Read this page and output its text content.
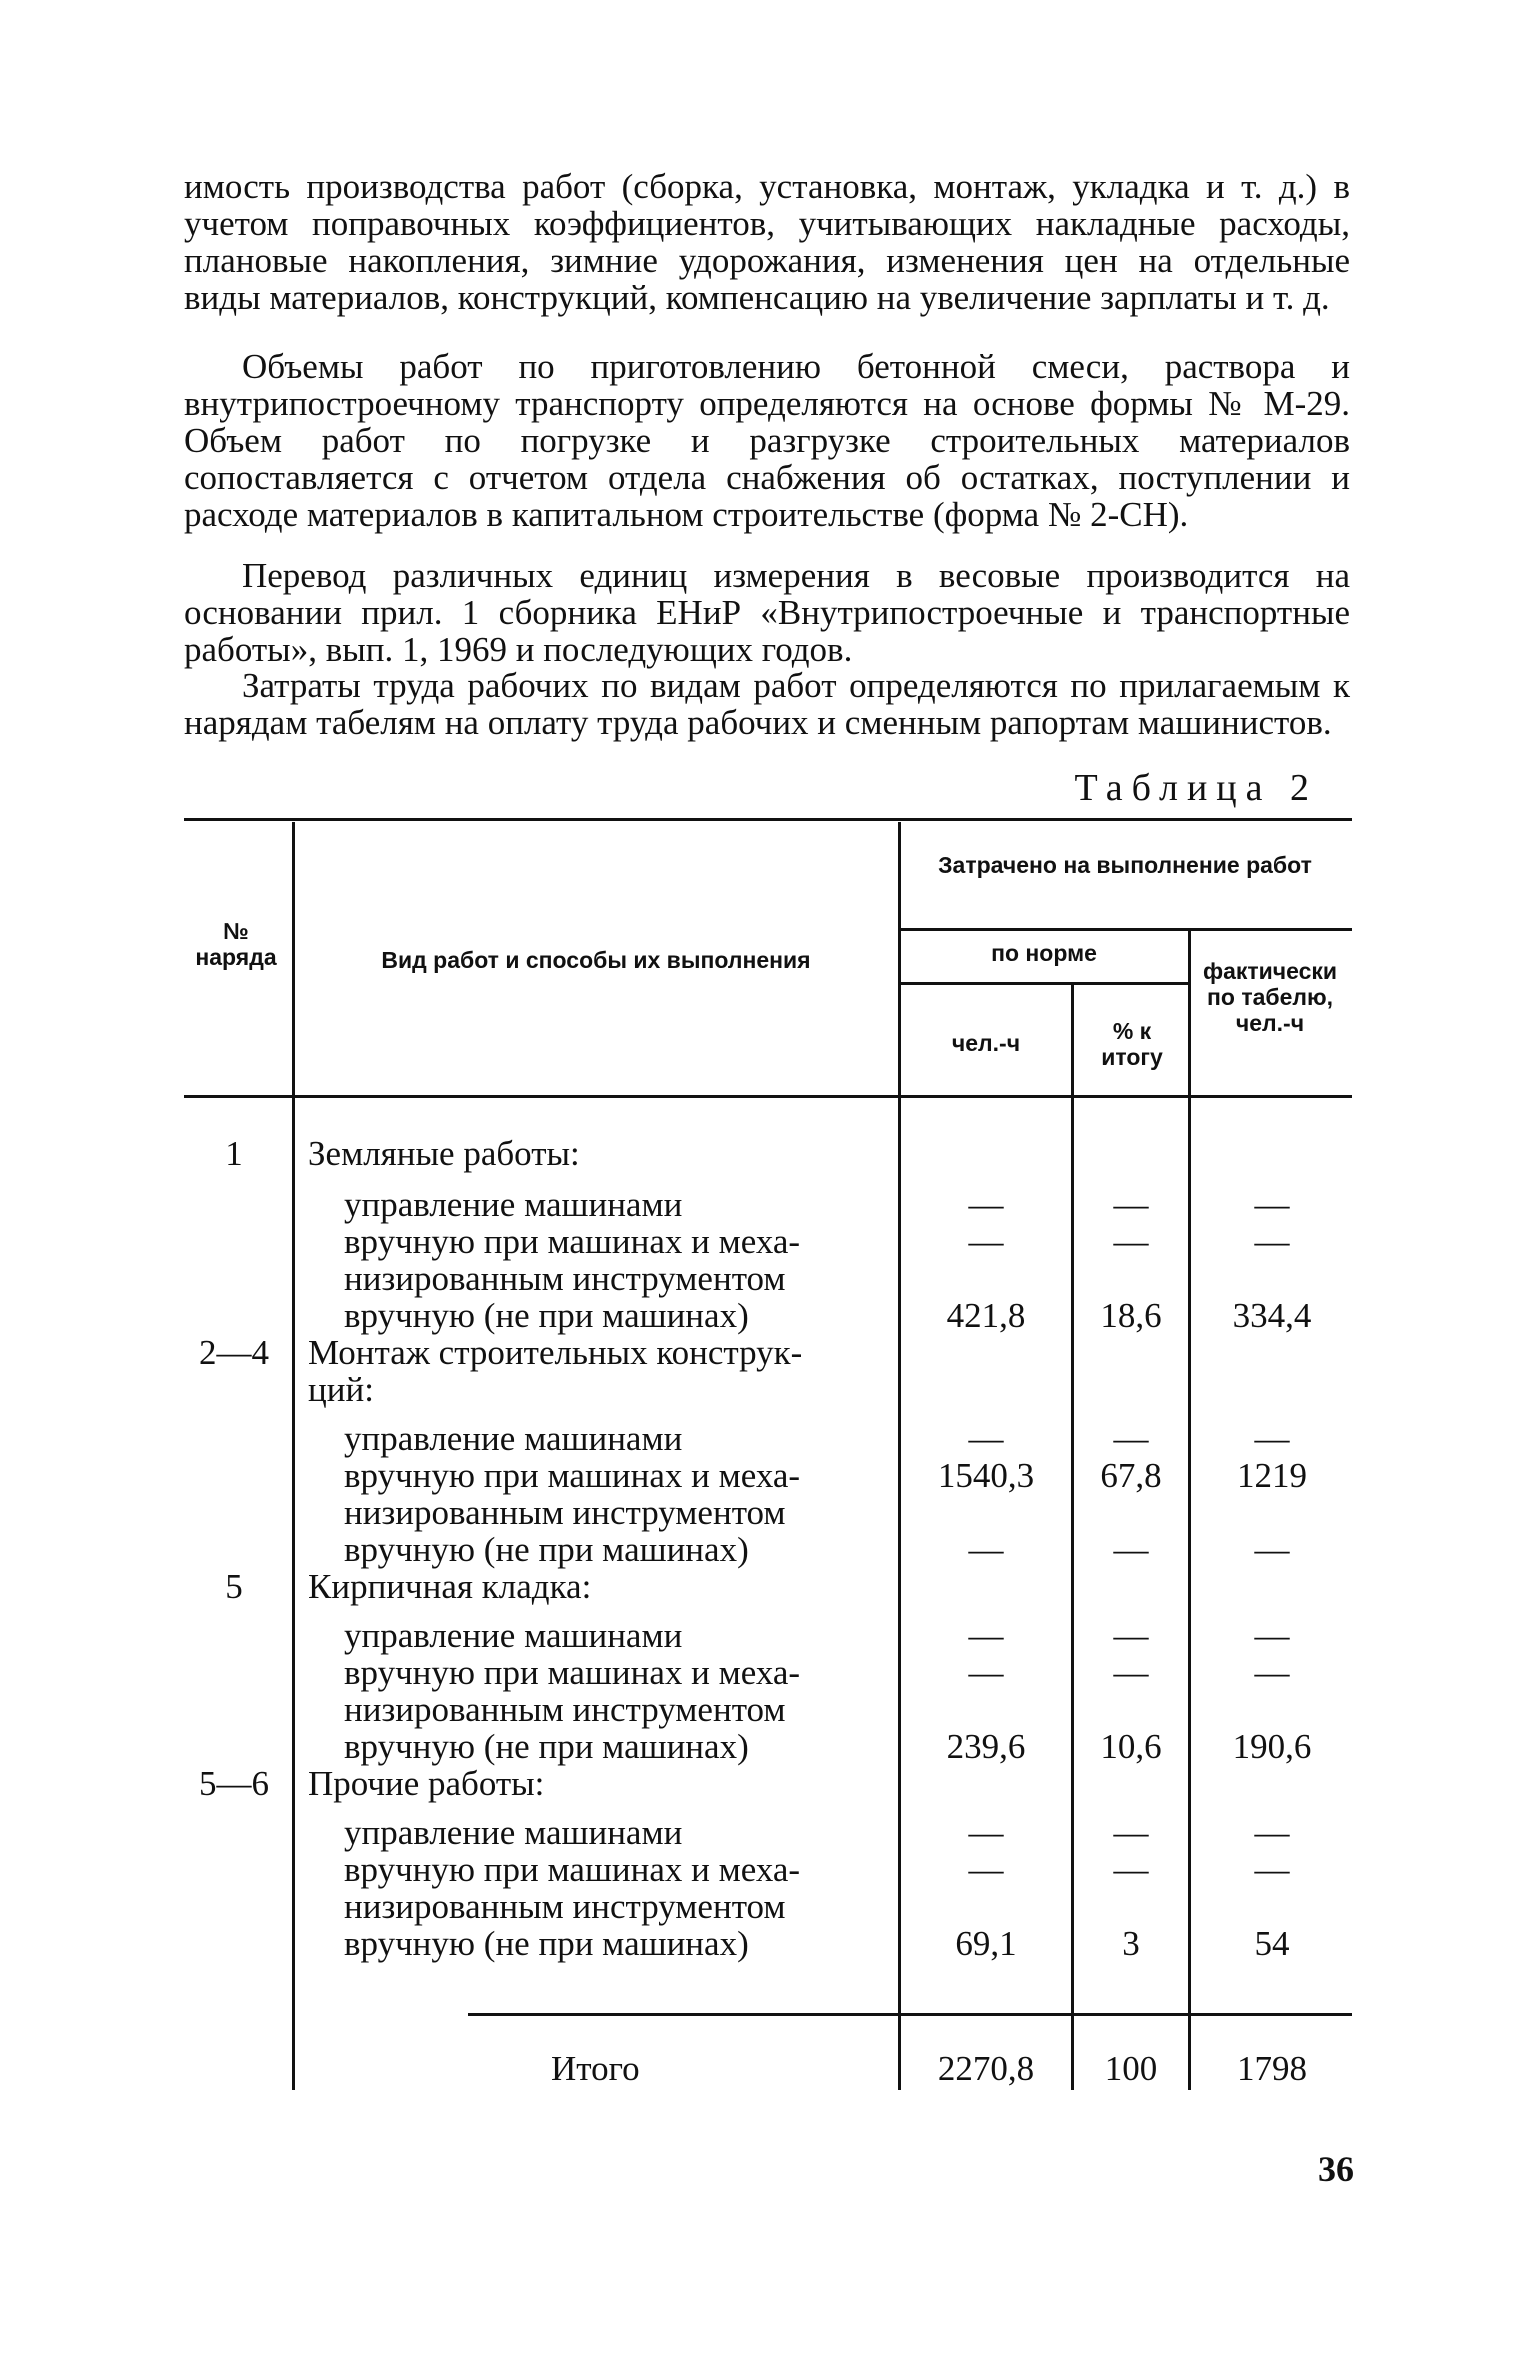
имость производства работ (сборка, установка, монтаж, укладка и т. д.) в учетом поправочных коэффициентов, учитывающих накладные расходы, плановые накопления, зимние удорожания, изменения цен на отдельные виды материалов, конструкций, компенсацию на увеличение зарплаты и т. д.

Объемы работ по приготовлению бетонной смеси, раствора и внутрипостроечному транспорту определяются на основе формы № М-29. Объем работ по погрузке и разгрузке строительных материалов сопоставляется с отчетом отдела снабжения об остатках, поступлении и расходе материалов в капитальном строительстве (форма № 2-СН).

Перевод различных единиц измерения в весовые производится на основании прил. 1 сборника ЕНиР «Внутрипостроечные и транспортные работы», вып. 1, 1969 и последующих годов.

Затраты труда рабочих по видам работ определяются по прилагаемым к нарядам табелям на оплату труда рабочих и сменным рапортам машинистов.

Таблица 2
№ наряда	Вид работ и способы их выполнения
Затрачено на выполнение работ
по норме
чел.-ч	% к итогу
фактически по табелю, чел.-ч
1	Земляные работы:
управление машинами	—	—	—
вручную при машинах и меха-	—	—	—
низированным инструментом
вручную (не при машинах)	421,8	18,6	334,4
2—4	Монтаж строительных конструк-
ций:
управление машинами	—	—	—
вручную при машинах и меха-	1540,3	67,8	1219
низированным инструментом
вручную (не при машинах)	—	—	—
5	Кирпичная кладка:
управление машинами	—	—	—
вручную при машинах и меха-	—	—	—
низированным инструментом
вручную (не при машинах)	239,6	10,6	190,6
5—6	Прочие работы:
управление машинами	—	—	—
вручную при машинах и меха-	—	—	—
низированным инструментом
вручную (не при машинах)	69,1	3	54
Итого	2270,8	100	1798
36
